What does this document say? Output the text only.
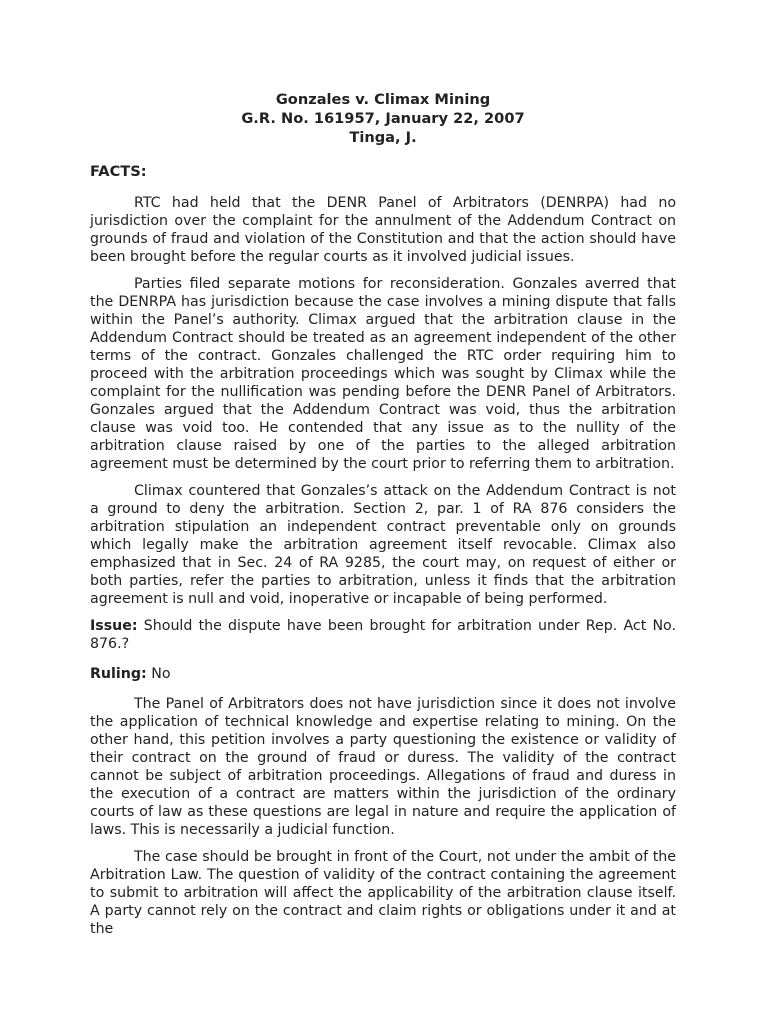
Gonzales v. Climax Mining
G.R. No. 161957, January 22, 2007
Tinga, J.
FACTS:

RTC had held that the DENR Panel of Arbitrators (DENRPA) had no jurisdiction over the complaint for the annulment of the Addendum Contract on grounds of fraud and violation of the Constitution and that the action should have been brought before the regular courts as it involved judicial issues.

Parties filed separate motions for reconsideration. Gonzales averred that the DENRPA has jurisdiction because the case involves a mining dispute that falls within the Panel’s authority. Climax argued that the arbitration clause in the Addendum Contract should be treated as an agreement independent of the other terms of the contract. Gonzales challenged the RTC order requiring him to proceed with the arbitration proceedings which was sought by Climax while the complaint for the nullification was pending before the DENR Panel of Arbitrators. Gonzales argued that the Addendum Contract was void, thus the arbitration clause was void too. He contended that any issue as to the nullity of the arbitration clause raised by one of the parties to the alleged arbitration agreement must be determined by the court prior to referring them to arbitration.

Climax countered that Gonzales’s attack on the Addendum Contract is not a ground to deny the arbitration. Section 2, par. 1 of RA 876 considers the arbitration stipulation an independent contract preventable only on grounds which legally make the arbitration agreement itself revocable. Climax also emphasized that in Sec. 24 of RA 9285, the court may, on request of either or both parties, refer the parties to arbitration, unless it finds that the arbitration agreement is null and void, inoperative or incapable of being performed.

Issue: Should the dispute have been brought for arbitration under Rep. Act No. 876.?

Ruling: No

The Panel of Arbitrators does not have jurisdiction since it does not involve the application of technical knowledge and expertise relating to mining. On the other hand, this petition involves a party questioning the existence or validity of their contract on the ground of fraud or duress. The validity of the contract cannot be subject of arbitration proceedings. Allegations of fraud and duress in the execution of a contract are matters within the jurisdiction of the ordinary courts of law as these questions are legal in nature and require the application of laws. This is necessarily a judicial function.

The case should be brought in front of the Court, not under the ambit of the Arbitration Law. The question of validity of the contract containing the agreement to submit to arbitration will affect the applicability of the arbitration clause itself. A party cannot rely on the contract and claim rights or obligations under it and at the
